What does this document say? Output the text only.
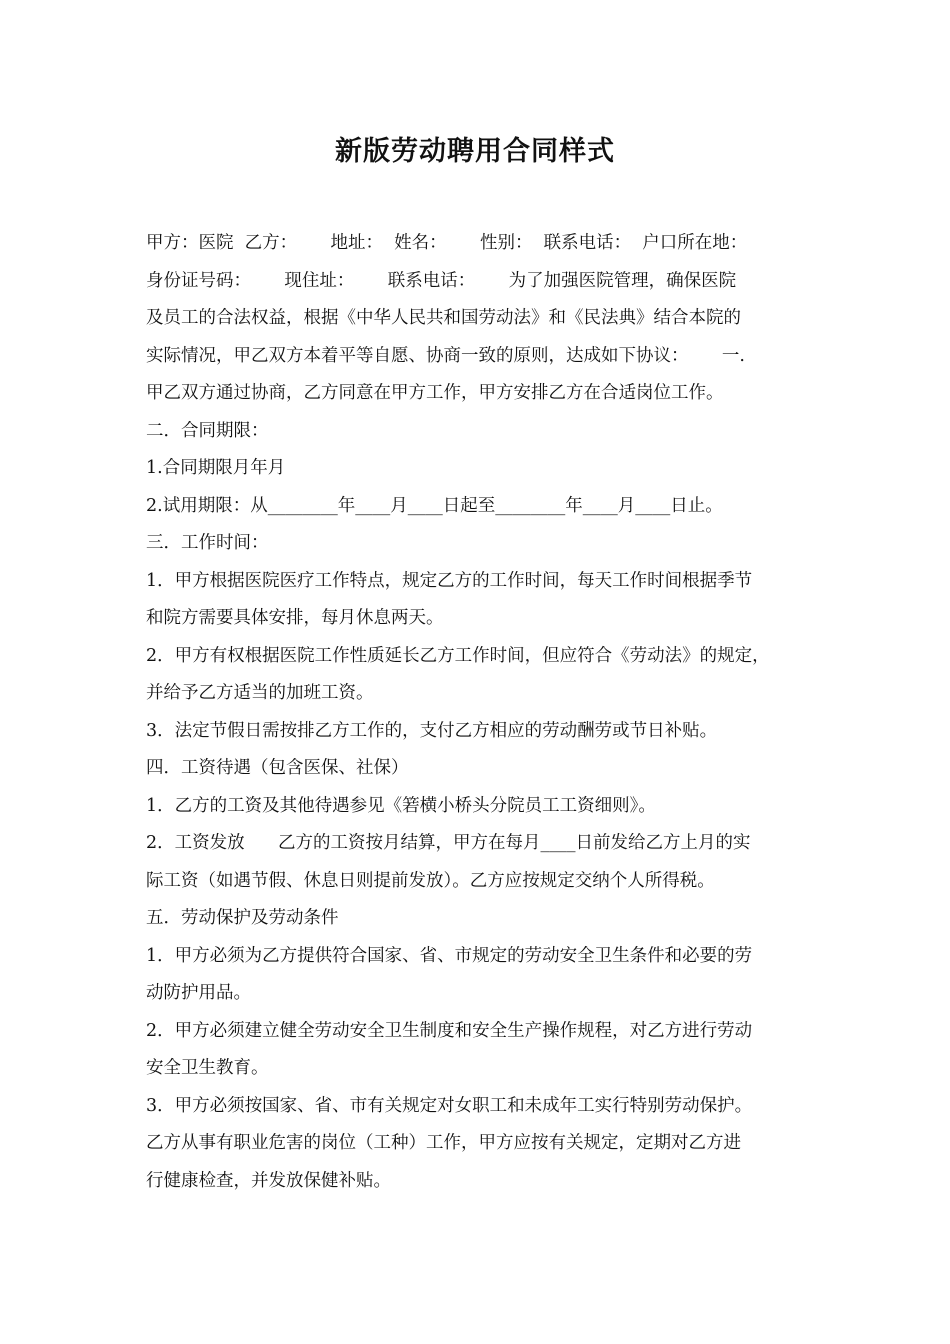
新版劳动聘用合同样式

甲方：医院  乙方：      地址：  姓名：      性别：  联系电话：  户口所在地：

身份证号码：      现住址：      联系电话：      为了加强医院管理，确保医院

及员工的合法权益，根据《中华人民共和国劳动法》和《民法典》结合本院的

实际情况，甲乙双方本着平等自愿、协商一致的原则，达成如下协议：      一.

甲乙双方通过协商，乙方同意在甲方工作，甲方安排乙方在合适岗位工作。

二．合同期限：

1.合同期限月年月

2.试用期限：从________年____月____日起至________年____月____日止。

三．工作时间：

1．甲方根据医院医疗工作特点，规定乙方的工作时间，每天工作时间根据季节

和院方需要具体安排，每月休息两天。

2．甲方有权根据医院工作性质延长乙方工作时间，但应符合《劳动法》的规定，

并给予乙方适当的加班工资。

3．法定节假日需按排乙方工作的，支付乙方相应的劳动酬劳或节日补贴。

四．工资待遇（包含医保、社保）

1．乙方的工资及其他待遇参见《箬横小桥头分院员工工资细则》。

2．工资发放      乙方的工资按月结算，甲方在每月____日前发给乙方上月的实

际工资（如遇节假、休息日则提前发放）。乙方应按规定交纳个人所得税。

五．劳动保护及劳动条件

1．甲方必须为乙方提供符合国家、省、市规定的劳动安全卫生条件和必要的劳

动防护用品。

2．甲方必须建立健全劳动安全卫生制度和安全生产操作规程，对乙方进行劳动

安全卫生教育。

3．甲方必须按国家、省、市有关规定对女职工和未成年工实行特别劳动保护。

乙方从事有职业危害的岗位（工种）工作，甲方应按有关规定，定期对乙方进

行健康检查，并发放保健补贴。
